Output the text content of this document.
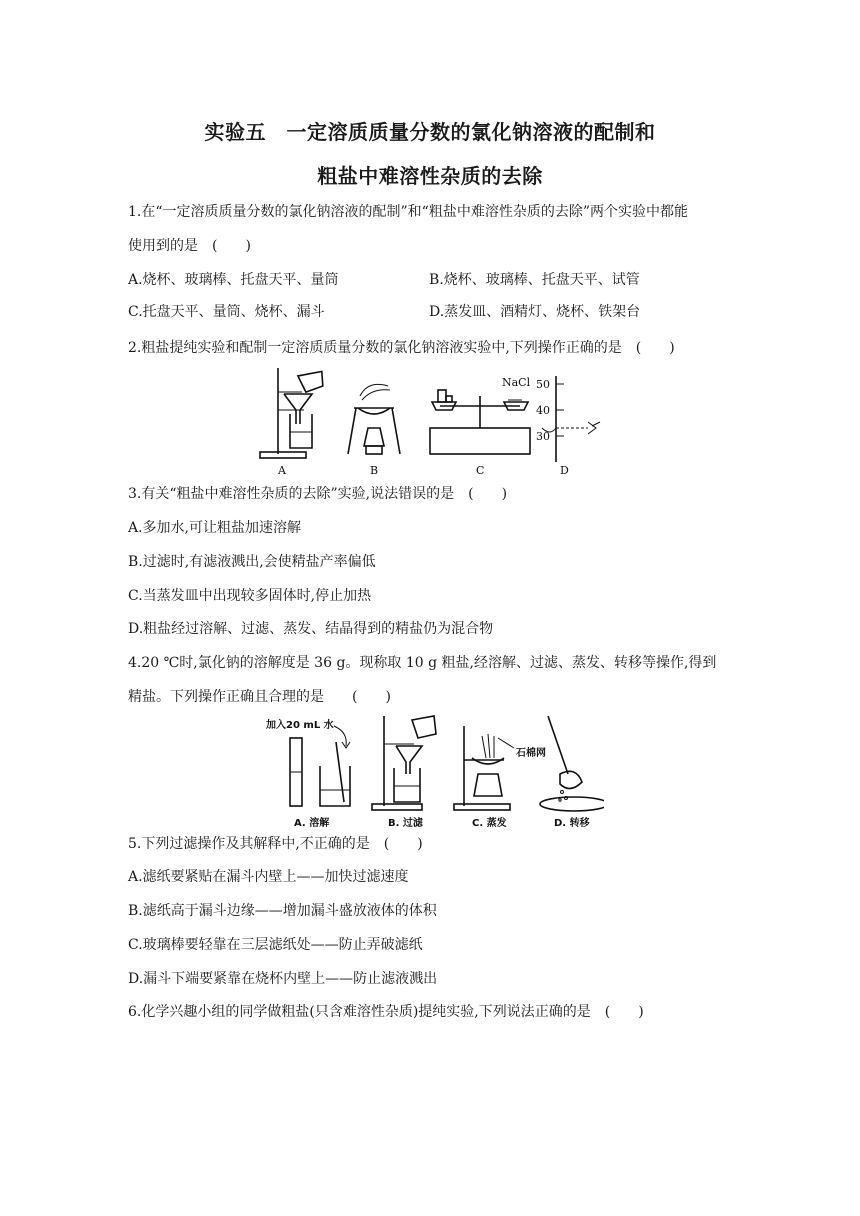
实验五　一定溶质质量分数的氯化钠溶液的配制和
粗盐中难溶性杂质的去除
1.在“一定溶质质量分数的氯化钠溶液的配制”和“粗盐中难溶性杂质的去除”两个实验中都能
使用到的是　(　　)
A.烧杯、玻璃棒、托盘天平、量筒	B.烧杯、玻璃棒、托盘天平、试管
C.托盘天平、量筒、烧杯、漏斗	D.蒸发皿、酒精灯、烧杯、铁架台
2.粗盐提纯实验和配制一定溶质质量分数的氯化钠溶液实验中,下列操作正确的是　(　　)
A	B
NaCl
C
50
40
30
D
3.有关“粗盐中难溶性杂质的去除”实验,说法错误的是　(　　)
A.多加水,可让粗盐加速溶解
B.过滤时,有滤液溅出,会使精盐产率偏低
C.当蒸发皿中出现较多固体时,停止加热
D.粗盐经过溶解、过滤、蒸发、结晶得到的精盐仍为混合物
4.20 ℃时,氯化钠的溶解度是 36 g。现称取 10 g 粗盐,经溶解、过滤、蒸发、转移等操作,得到
精盐。下列操作正确且合理的是　　(　　)
加入20 mL 水
A. 溶解	B. 过滤
石棉网
C. 蒸发	D. 转移
5.下列过滤操作及其解释中,不正确的是　(　　)
A.滤纸要紧贴在漏斗内壁上——加快过滤速度
B.滤纸高于漏斗边缘——增加漏斗盛放液体的体积
C.玻璃棒要轻靠在三层滤纸处——防止弄破滤纸
D.漏斗下端要紧靠在烧杯内壁上——防止滤液溅出
6.化学兴趣小组的同学做粗盐(只含难溶性杂质)提纯实验,下列说法正确的是　(　　)
